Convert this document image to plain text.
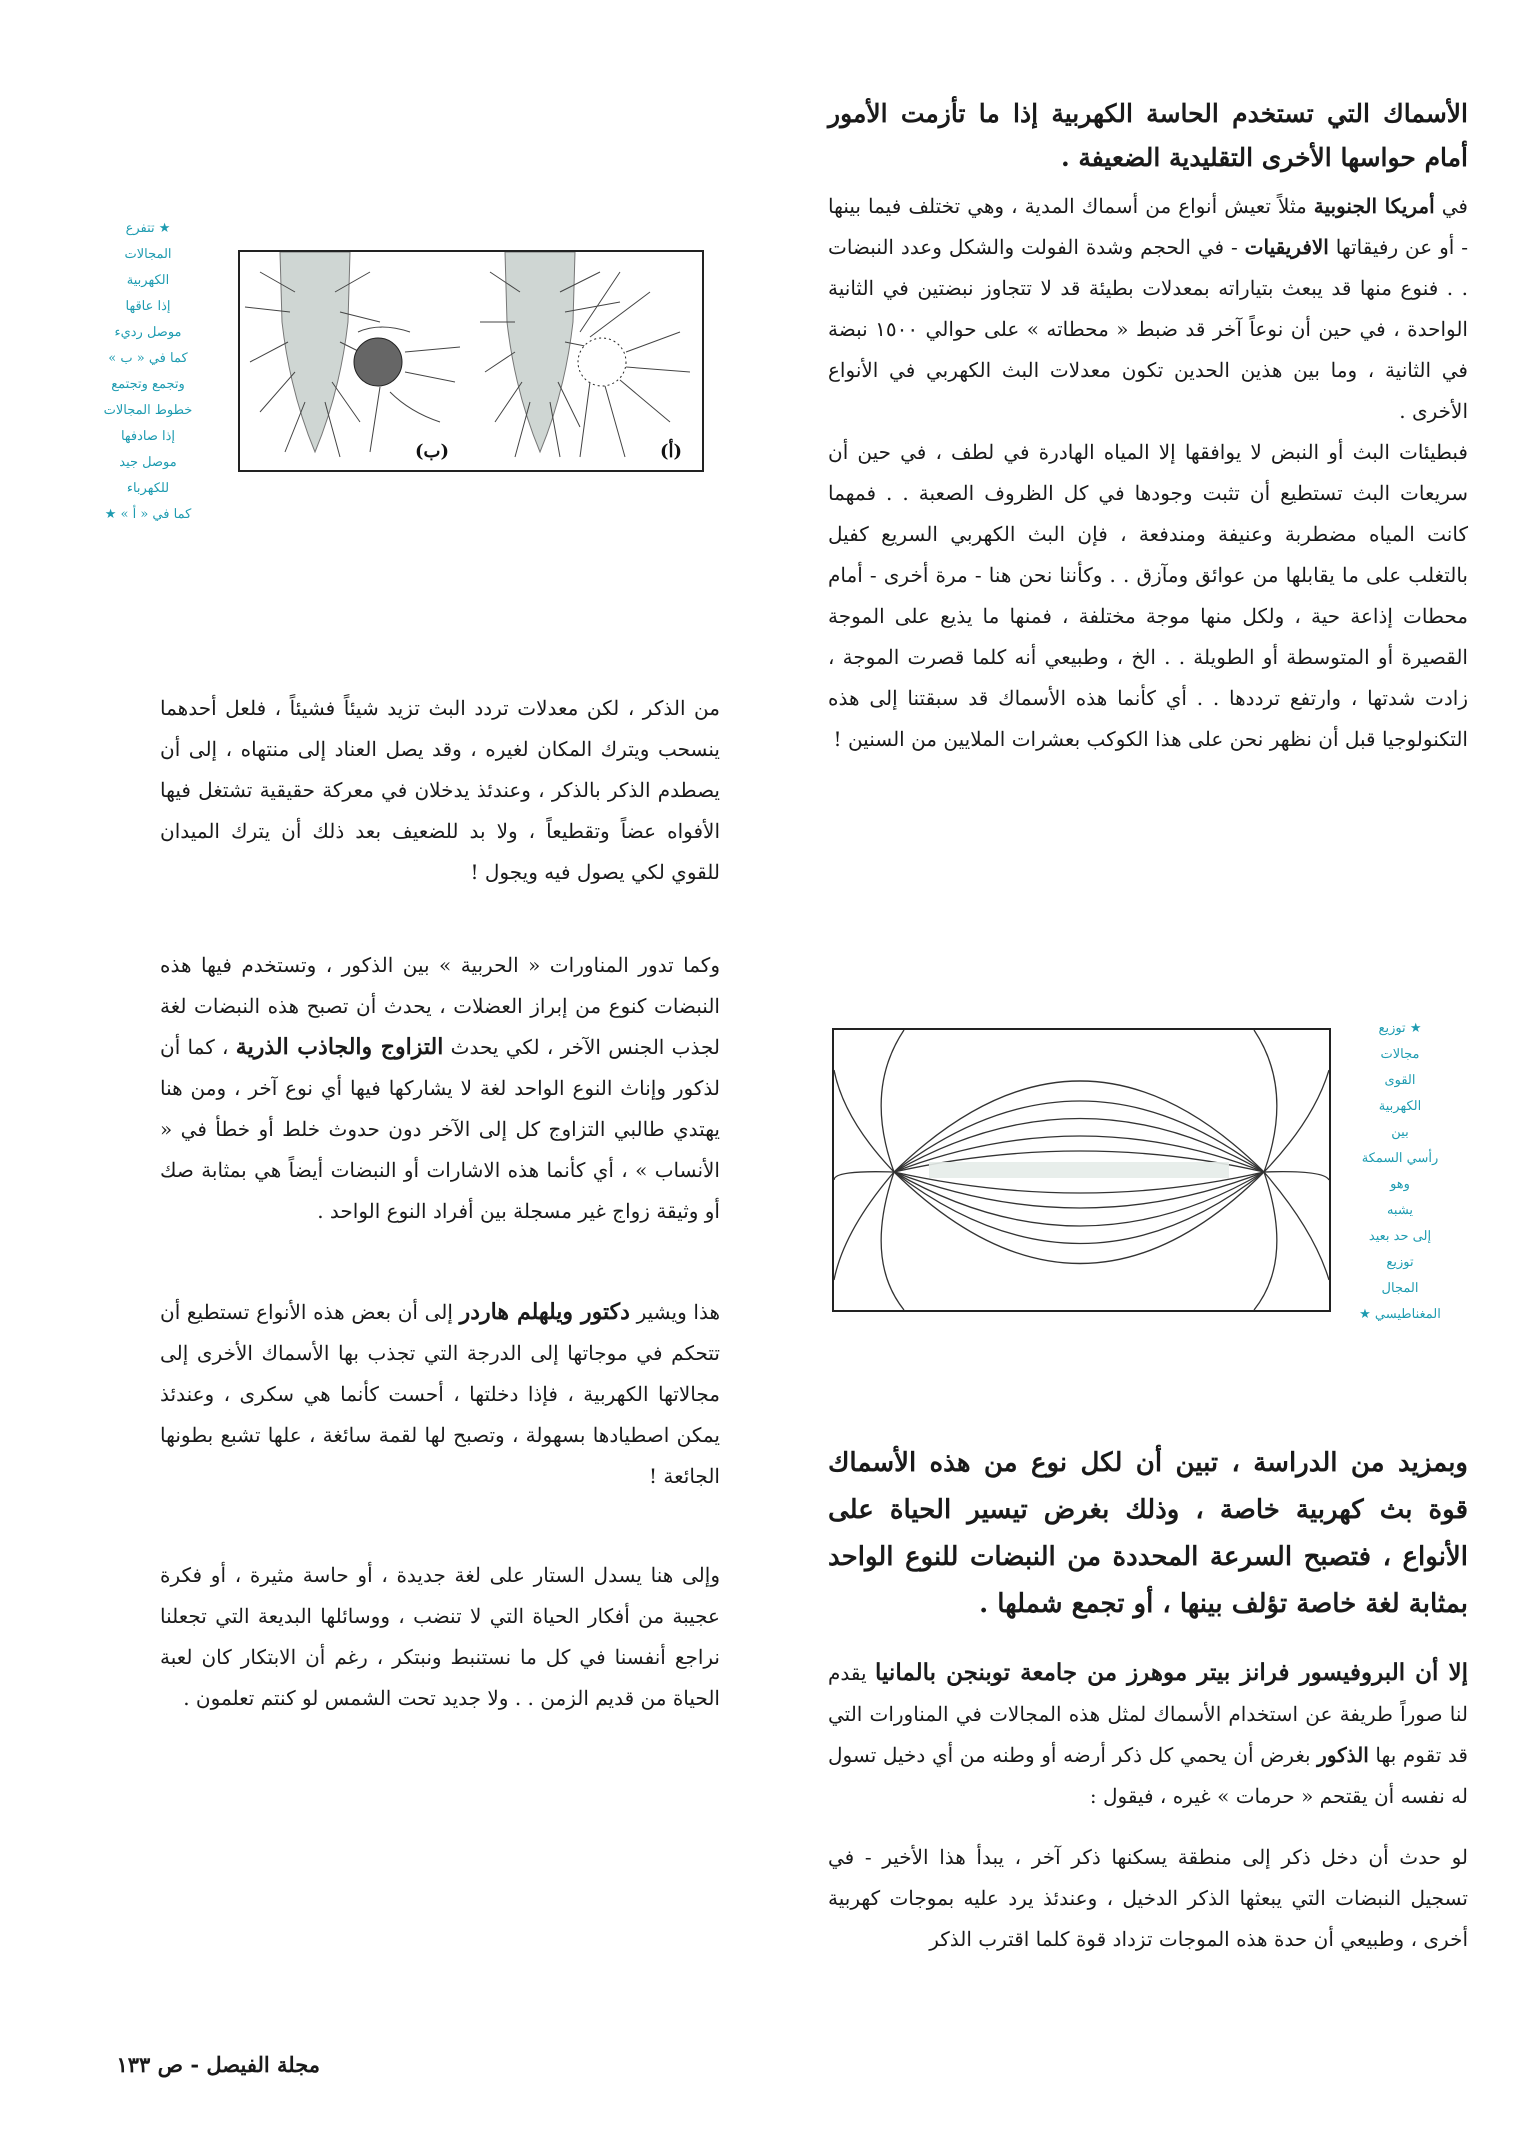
الأسماك التي تستخدم الحاسة الكهربية إذا ما تأزمت الأمور أمام حواسها الأخرى التقليدية الضعيفة .

في أمريكا الجنوبية مثلاً تعيش أنواع من أسماك المدية ، وهي تختلف فيما بينها - أو عن رفيقاتها الافريقيات - في الحجم وشدة الفولت والشكل وعدد النبضات . . فنوع منها قد يبعث بتياراته بمعدلات بطيئة قد لا تتجاوز نبضتين في الثانية الواحدة ، في حين أن نوعاً آخر قد ضبط « محطاته » على حوالي ١٥٠٠ نبضة في الثانية ، وما بين هذين الحدين تكون معدلات البث الكهربي في الأنواع الأخرى .

فبطيئات البث أو النبض لا يوافقها إلا المياه الهادرة في لطف ، في حين أن سريعات البث تستطيع أن تثبت وجودها في كل الظروف الصعبة . . فمهما كانت المياه مضطربة وعنيفة ومندفعة ، فإن البث الكهربي السريع كفيل بالتغلب على ما يقابلها من عوائق ومآزق . . وكأننا نحن هنا - مرة أخرى - أمام محطات إذاعة حية ، ولكل منها موجة مختلفة ، فمنها ما يذيع على الموجة القصيرة أو المتوسطة أو الطويلة . . الخ ، وطبيعي أنه كلما قصرت الموجة ، زادت شدتها ، وارتفع ترددها . . أي كأنما هذه الأسماك قد سبقتنا إلى هذه التكنولوجيا قبل أن نظهر نحن على هذا الكوكب بعشرات الملايين من السنين !

وبمزيد من الدراسة ، تبين أن لكل نوع من هذه الأسماك قوة بث كهربية خاصة ، وذلك بغرض تيسير الحياة على الأنواع ، فتصبح السرعة المحددة من النبضات للنوع الواحد بمثابة لغة خاصة تؤلف بينها ، أو تجمع شملها .

إلا أن البروفيسور فرانز بيتر موهرز من جامعة توبنجن بالمانيا يقدم لنا صوراً طريفة عن استخدام الأسماك لمثل هذه المجالات في المناورات التي قد تقوم بها الذكور بغرض أن يحمي كل ذكر أرضه أو وطنه من أي دخيل تسول له نفسه أن يقتحم « حرمات » غيره ، فيقول :

لو حدث أن دخل ذكر إلى منطقة يسكنها ذكر آخر ، يبدأ هذا الأخير - في تسجيل النبضات التي يبعثها الذكر الدخيل ، وعندئذ يرد عليه بموجات كهربية أخرى ، وطبيعي أن حدة هذه الموجات تزداد قوة كلما اقترب الذكر

من الذكر ، لكن معدلات تردد البث تزيد شيئاً فشيئاً ، فلعل أحدهما ينسحب ويترك المكان لغيره ، وقد يصل العناد إلى منتهاه ، إلى أن يصطدم الذكر بالذكر ، وعندئذ يدخلان في معركة حقيقية تشتغل فيها الأفواه عضاً وتقطيعاً ، ولا بد للضعيف بعد ذلك أن يترك الميدان للقوي لكي يصول فيه ويجول !

وكما تدور المناورات « الحربية » بين الذكور ، وتستخدم فيها هذه النبضات كنوع من إبراز العضلات ، يحدث أن تصبح هذه النبضات لغة لجذب الجنس الآخر ، لكي يحدث التزاوج والجاذب الذرية ، كما أن لذكور وإناث النوع الواحد لغة لا يشاركها فيها أي نوع آخر ، ومن هنا يهتدي طالبي التزاوج كل إلى الآخر دون حدوث خلط أو خطأ في « الأنساب » ، أي كأنما هذه الاشارات أو النبضات أيضاً هي بمثابة صك أو وثيقة زواج غير مسجلة بين أفراد النوع الواحد .

هذا ويشير دكتور ويلهلم هاردر إلى أن بعض هذه الأنواع تستطيع أن تتحكم في موجاتها إلى الدرجة التي تجذب بها الأسماك الأخرى إلى مجالاتها الكهربية ، فإذا دخلتها ، أحست كأنما هي سكرى ، وعندئذ يمكن اصطيادها بسهولة ، وتصبح لها لقمة سائغة ، علها تشبع بطونها الجائعة !

وإلى هنا يسدل الستار على لغة جديدة ، أو حاسة مثيرة ، أو فكرة عجيبة من أفكار الحياة التي لا تنضب ، ووسائلها البديعة التي تجعلنا نراجع أنفسنا في كل ما نستنبط ونبتكر ، رغم أن الابتكار كان لعبة الحياة من قديم الزمن . . ولا جديد تحت الشمس لو كنتم تعلمون .

(ب)	(أ)
★ تتفرع
المجالات
الكهربية
إذا عاقها
موصل رديء
كما في « ب »
وتجمع وتجتمع
خطوط المجالات
إذا صادفها
موصل جيد
للكهرباء
كما في « أ » ★
★ توزيع
مجالات
القوى
الكهربية
بين
رأسي السمكة
وهو
يشبه
إلى حد بعيد
توزيع
المجال
المغناطيسي ★
مجلة الفيصل - ص ١٣٣
